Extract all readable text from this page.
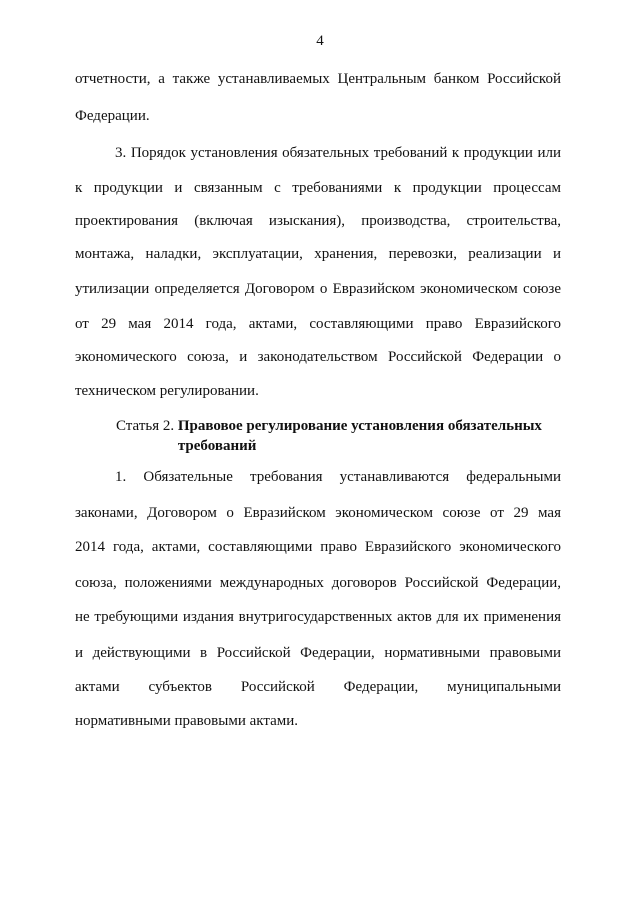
4
отчетности, а также устанавливаемых Центральным банком Российской
Федерации.
3. Порядок установления обязательных требований к продукции или
к продукции и связанным с требованиями к продукции процессам
проектирования (включая изыскания), производства, строительства,
монтажа, наладки, эксплуатации, хранения, перевозки, реализации и
утилизации определяется Договором о Евразийском экономическом союзе
от 29 мая 2014 года, актами, составляющими право Евразийского
экономического союза, и законодательством Российской Федерации о
техническом регулировании.
Статья 2. Правовое регулирование установления обязательных
требований
1. Обязательные требования устанавливаются федеральными
законами, Договором о Евразийском экономическом союзе от 29 мая
2014 года, актами, составляющими право Евразийского экономического
союза, положениями международных договоров Российской Федерации,
не требующими издания внутригосударственных актов для их применения
и действующими в Российской Федерации, нормативными правовыми
актами субъектов Российской Федерации, муниципальными
нормативными правовыми актами.
